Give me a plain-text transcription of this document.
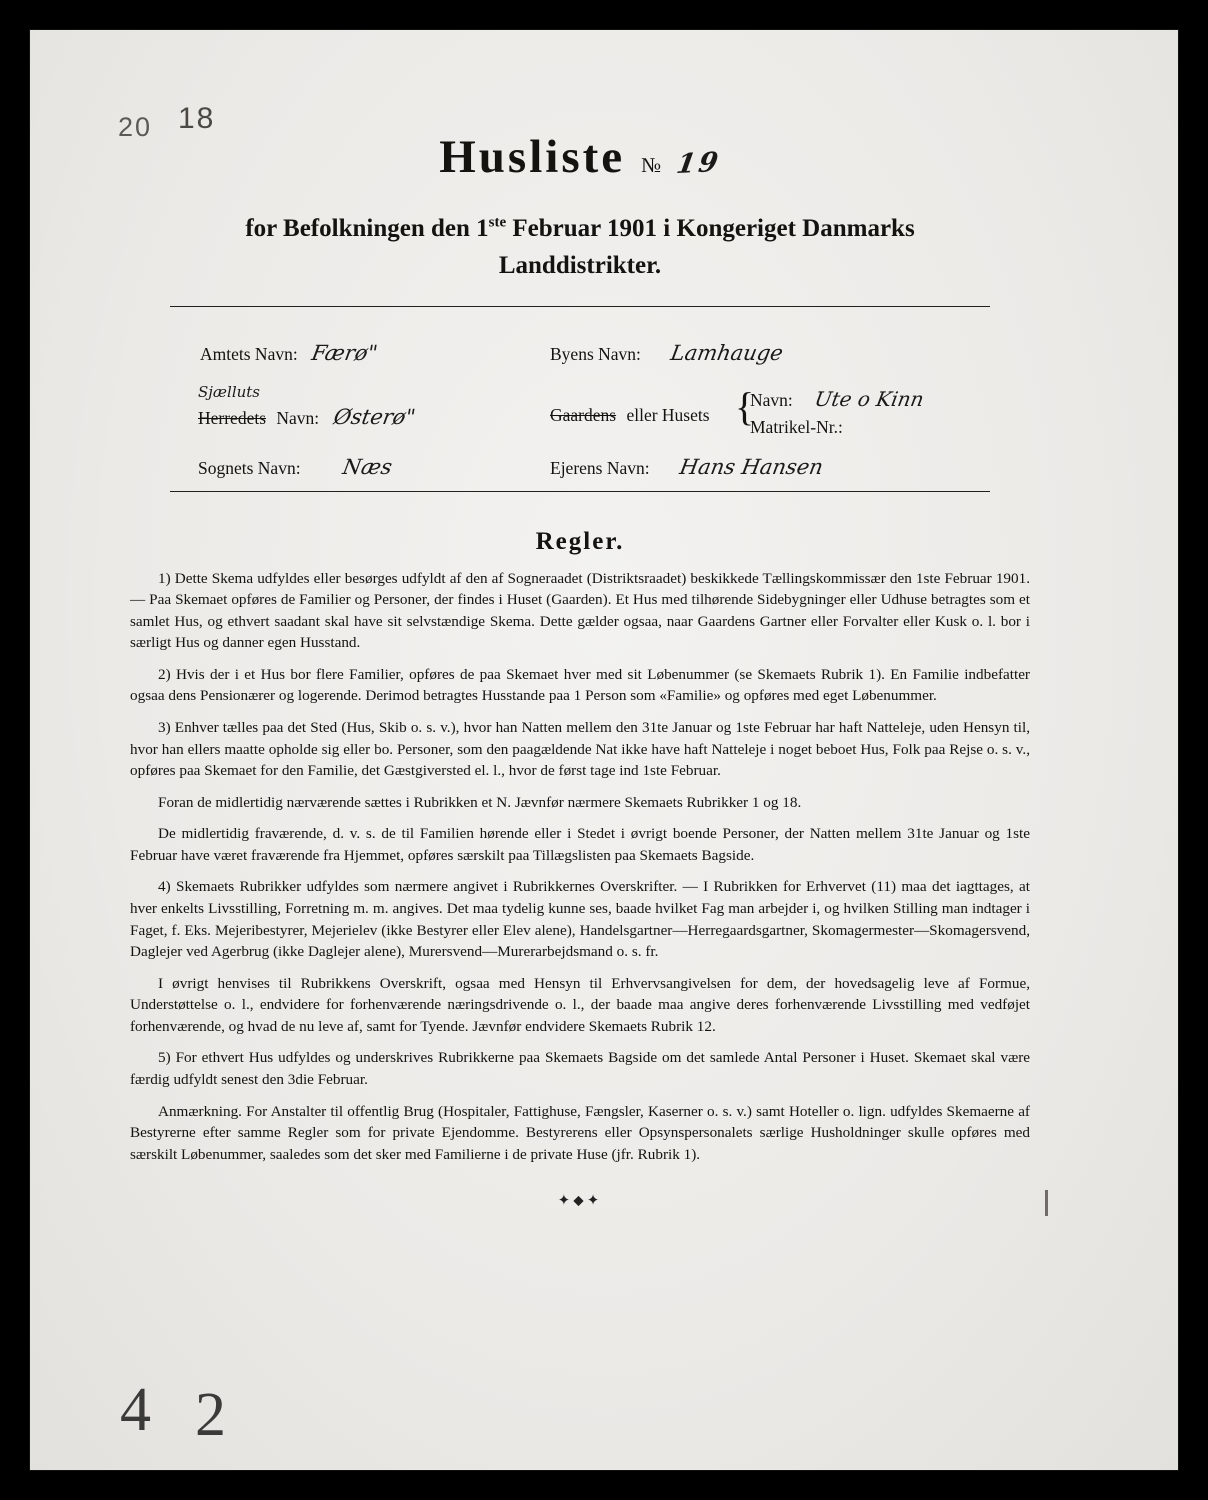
20 18
Husliste № 19
for Befolkningen den 1ste Februar 1901 i Kongeriget Danmarks
Landdistrikter.
Amtets Navn: Færø"
Sjælluts
Herredets Navn: Østerø"
Sognets Navn: Næs
Byens Navn: Lamhauge
Gaardens eller Husets {
Navn: Ute o Kinn
Matrikel-Nr.:
Ejerens Navn: Hans Hansen
Regler.

1) Dette Skema udfyldes eller besørges udfyldt af den af Sogneraadet (Distriktsraadet) beskikkede Tællingskommissær den 1ste Februar 1901. — Paa Skemaet opføres de Familier og Personer, der findes i Huset (Gaarden). Et Hus med tilhørende Sidebygninger eller Udhuse betragtes som et samlet Hus, og ethvert saadant skal have sit selvstændige Skema. Dette gælder ogsaa, naar Gaardens Gartner eller Forvalter eller Kusk o. l. bor i særligt Hus og danner egen Husstand.

2) Hvis der i et Hus bor flere Familier, opføres de paa Skemaet hver med sit Løbenummer (se Skemaets Rubrik 1). En Familie indbefatter ogsaa dens Pensionærer og logerende. Derimod betragtes Husstande paa 1 Person som «Familie» og opføres med eget Løbenummer.

3) Enhver tælles paa det Sted (Hus, Skib o. s. v.), hvor han Natten mellem den 31te Januar og 1ste Februar har haft Natteleje, uden Hensyn til, hvor han ellers maatte opholde sig eller bo. Personer, som den paagældende Nat ikke have haft Natteleje i noget beboet Hus, Folk paa Rejse o. s. v., opføres paa Skemaet for den Familie, det Gæstgiversted el. l., hvor de først tage ind 1ste Februar.

Foran de midlertidig nærværende sættes i Rubrikken et N. Jævnfør nærmere Skemaets Rubrikker 1 og 18.

De midlertidig fraværende, d. v. s. de til Familien hørende eller i Stedet i øvrigt boende Personer, der Natten mellem 31te Januar og 1ste Februar have været fraværende fra Hjemmet, opføres særskilt paa Tillægslisten paa Skemaets Bagside.

4) Skemaets Rubrikker udfyldes som nærmere angivet i Rubrikkernes Overskrifter. — I Rubrikken for Erhvervet (11) maa det iagttages, at hver enkelts Livsstilling, Forretning m. m. angives. Det maa tydelig kunne ses, baade hvilket Fag man arbejder i, og hvilken Stilling man indtager i Faget, f. Eks. Mejeribestyrer, Mejerielev (ikke Bestyrer eller Elev alene), Handelsgartner—Herregaardsgartner, Skomagermester—Skomagersvend, Daglejer ved Agerbrug (ikke Daglejer alene), Murersvend—Murerarbejdsmand o. s. fr.

I øvrigt henvises til Rubrikkens Overskrift, ogsaa med Hensyn til Erhvervsangivelsen for dem, der hovedsagelig leve af Formue, Understøttelse o. l., endvidere for forhenværende næringsdrivende o. l., der baade maa angive deres forhenværende Livsstilling med vedføjet forhenværende, og hvad de nu leve af, samt for Tyende. Jævnfør endvidere Skemaets Rubrik 12.

5) For ethvert Hus udfyldes og underskrives Rubrikkerne paa Skemaets Bagside om det samlede Antal Personer i Huset. Skemaet skal være færdig udfyldt senest den 3die Februar.

Anmærkning. For Anstalter til offentlig Brug (Hospitaler, Fattighuse, Fængsler, Kaserner o. s. v.) samt Hoteller o. lign. udfyldes Skemaerne af Bestyrerne efter samme Regler som for private Ejendomme. Bestyrerens eller Opsynspersonalets særlige Husholdninger skulle opføres med særskilt Løbenummer, saaledes som det sker med Familierne i de private Huse (jfr. Rubrik 1).

✦⬥✦
4 2
